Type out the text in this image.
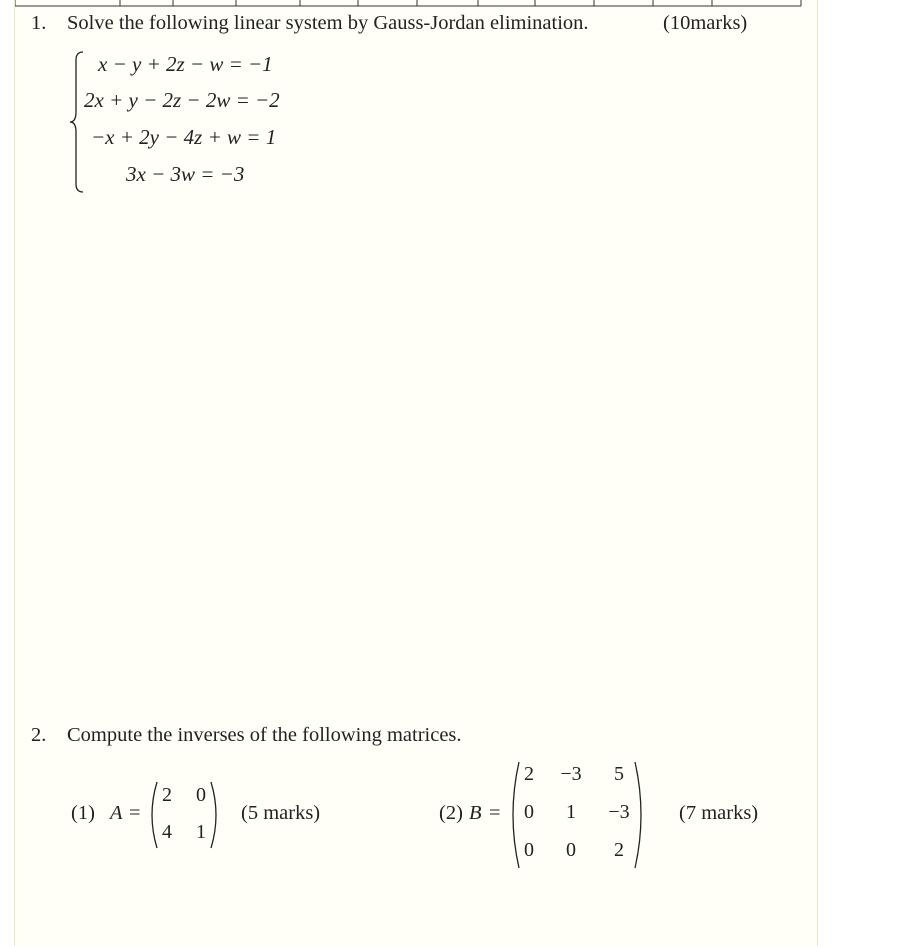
1. Solve the following linear system by Gauss-Jordan elimination.	(10marks)
x − y + 2z − w = −1
2x + y − 2z − 2w = −2
−x + 2y − 4z + w = 1
3x − 3w = −3
2. Compute the inverses of the following matrices.
(1) A =
2	0
4	1
(5 marks)	(2) B =
2	−3	5
0	1	−3
0	0	2
(7 marks)
